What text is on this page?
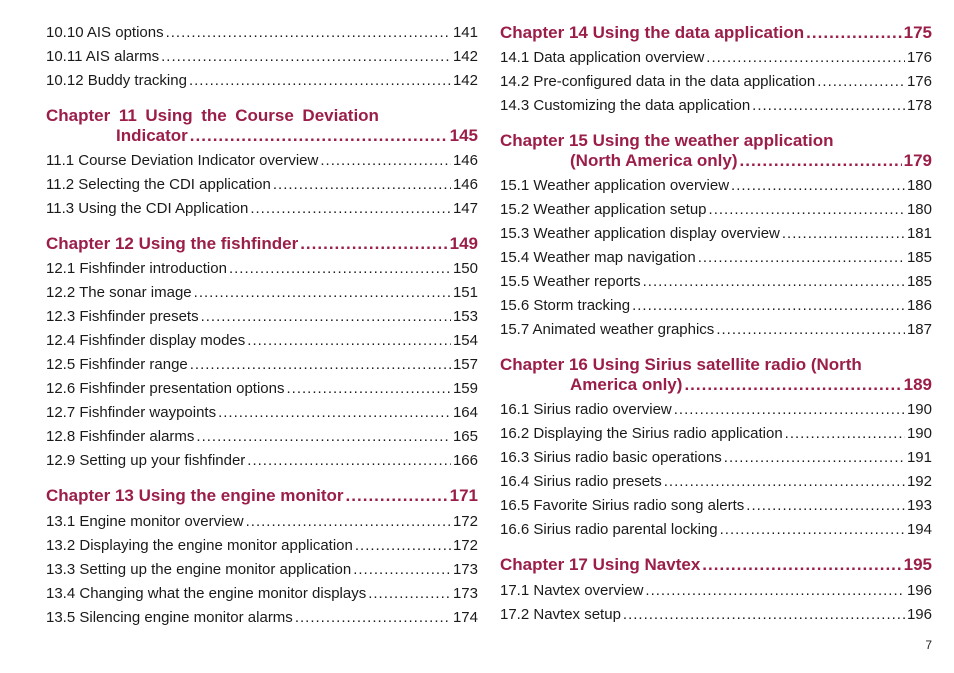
10.10 AIS options .....	141
10.11 AIS alarms .....	142
10.12 Buddy tracking .....	142
Chapter 11 Using the Course Deviation
Indicator .....	145
11.1 Course Deviation Indicator overview .....	146
11.2 Selecting the CDI application .....	146
11.3 Using the CDI Application .....	147
Chapter 12 Using the fishfinder .....	149
12.1 Fishfinder introduction .....	150
12.2 The sonar image .....	151
12.3 Fishfinder presets .....	153
12.4 Fishfinder display modes .....	154
12.5 Fishfinder range .....	157
12.6 Fishfinder presentation options .....	159
12.7 Fishfinder waypoints .....	164
12.8 Fishfinder alarms .....	165
12.9 Setting up your fishfinder .....	166
Chapter 13 Using the engine monitor .....	171
13.1 Engine monitor overview .....	172
13.2 Displaying the engine monitor application .....	172
13.3 Setting up the engine monitor application .....	173
13.4 Changing what the engine monitor displays .....	173
13.5 Silencing engine monitor alarms .....	174
Chapter 14 Using the data application .....	175
14.1 Data application overview .....	176
14.2 Pre-configured data in the data application .....	176
14.3 Customizing the data application .....	178
Chapter 15 Using the weather application
(North America only) .....	179
15.1 Weather application overview .....	180
15.2 Weather application setup .....	180
15.3 Weather application display overview .....	181
15.4 Weather map navigation .....	185
15.5 Weather reports .....	185
15.6 Storm tracking .....	186
15.7 Animated weather graphics .....	187
Chapter 16 Using Sirius satellite radio (North
America only) .....	189
16.1 Sirius radio overview .....	190
16.2 Displaying the Sirius radio application .....	190
16.3 Sirius radio basic operations .....	191
16.4 Sirius radio presets .....	192
16.5 Favorite Sirius radio song alerts .....	193
16.6 Sirius radio parental locking .....	194
Chapter 17 Using Navtex .....	195
17.1 Navtex overview .....	196
17.2 Navtex setup .....	196
7
